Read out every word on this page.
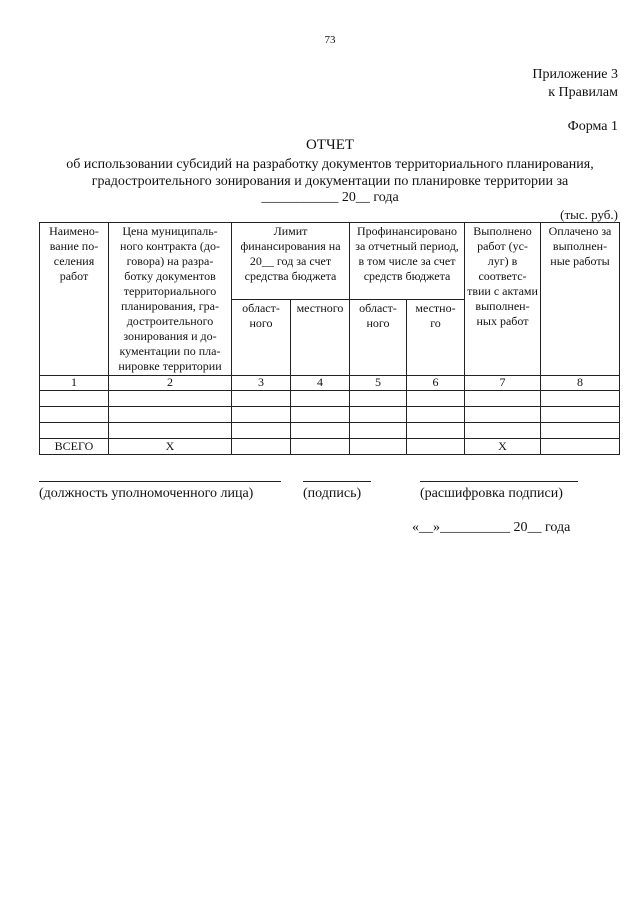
73
Приложение 3
к Правилам
Форма 1
ОТЧЕТ
об использовании субсидий на разработку документов территориального планирования, градостроительного зонирования и документации по планировке территории за
___________ 20__ года
(тыс. руб.)
Наимено- вание по- селения работ	Цена муниципаль- ного контракта (до- говора) на разра- ботку документов территориального планирования, гра- достроительного зонирования и до- кументации по пла- нировке территории	Лимит финансирования на 20__ год за счет средства бюджета		Профинансировано за отчетный период, в том числе за счет средств бюджета		Выполнено работ (ус- луг) в соответс- твии с актами выполнен- ных работ	Оплачено за выполнен- ные работы
		област- ного	местного	област- ного	местно- го		
1	2	3	4	5	6	7	8

ВСЕГО	Х					Х	
(должность уполномоченного лица)	(подпись)	(расшифровка подписи)
«__»__________ 20__ года
